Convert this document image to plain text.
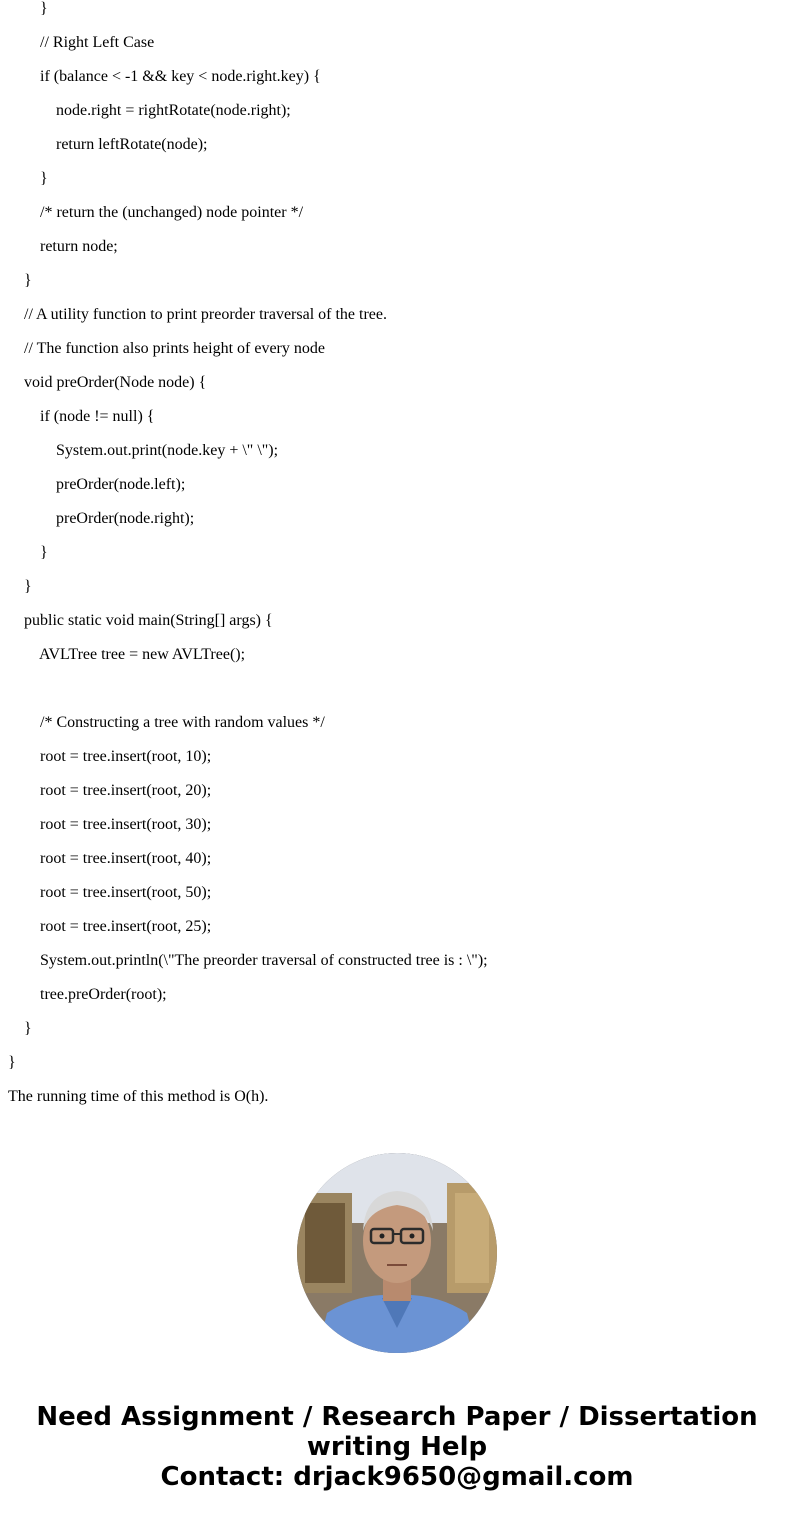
}
// Right Left Case
if (balance < -1 && key < node.right.key) {
node.right = rightRotate(node.right);
return leftRotate(node);
}
/* return the (unchanged) node pointer */
return node;
}
// A utility function to print preorder traversal of the tree.
// The function also prints height of every node
void preOrder(Node node) {
if (node != null) {
System.out.print(node.key + \" \");
preOrder(node.left);
preOrder(node.right);
}
}
public static void main(String[] args) {
AVLTree tree = new AVLTree();
/* Constructing a tree with random values */
root = tree.insert(root, 10);
root = tree.insert(root, 20);
root = tree.insert(root, 30);
root = tree.insert(root, 40);
root = tree.insert(root, 50);
root = tree.insert(root, 25);
System.out.println(\"The preorder traversal of constructed tree is : \");
tree.preOrder(root);
}
}
The running time of this method is O(h).
Need Assignment / Research Paper / Dissertation
writing Help
Contact: drjack9650@gmail.com
